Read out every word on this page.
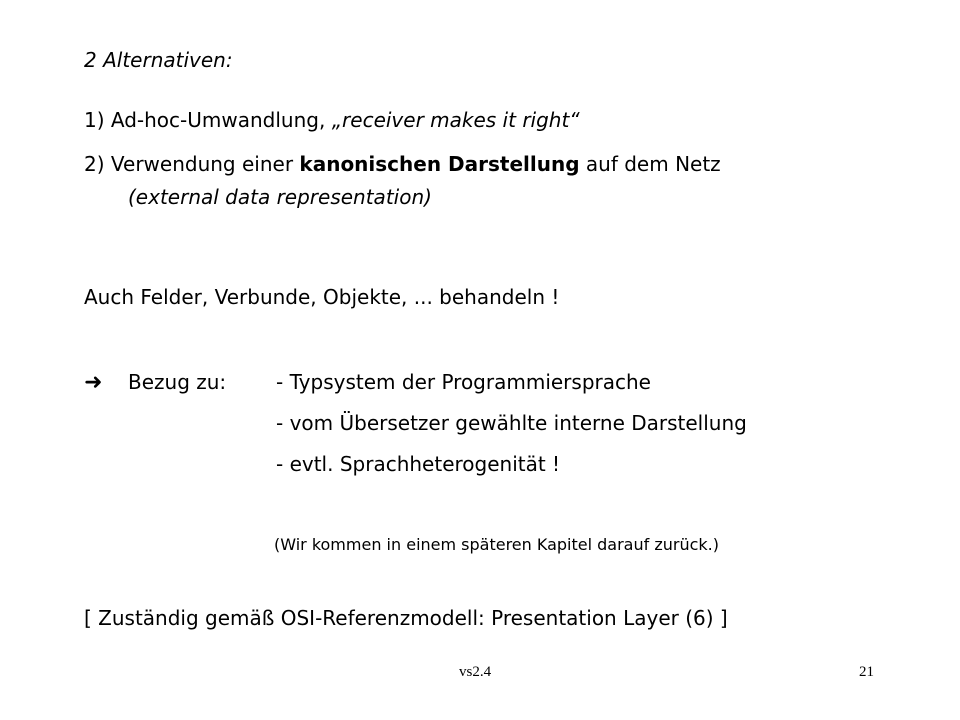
2 Alternativen:
1) Ad-hoc-Umwandlung, „receiver makes it right“
2) Verwendung einer kanonischen Darstellung auf dem Netz
(external data representation)
Auch Felder, Verbunde, Objekte, ... behandeln !
➜ Bezug zu: - Typsystem der Programmiersprache
- vom Übersetzer gewählte interne Darstellung
- evtl. Sprachheterogenität !
(Wir kommen in einem späteren Kapitel darauf zurück.)
[ Zuständig gemäß OSI-Referenzmodell: Presentation Layer (6) ]
vs2.4	21
